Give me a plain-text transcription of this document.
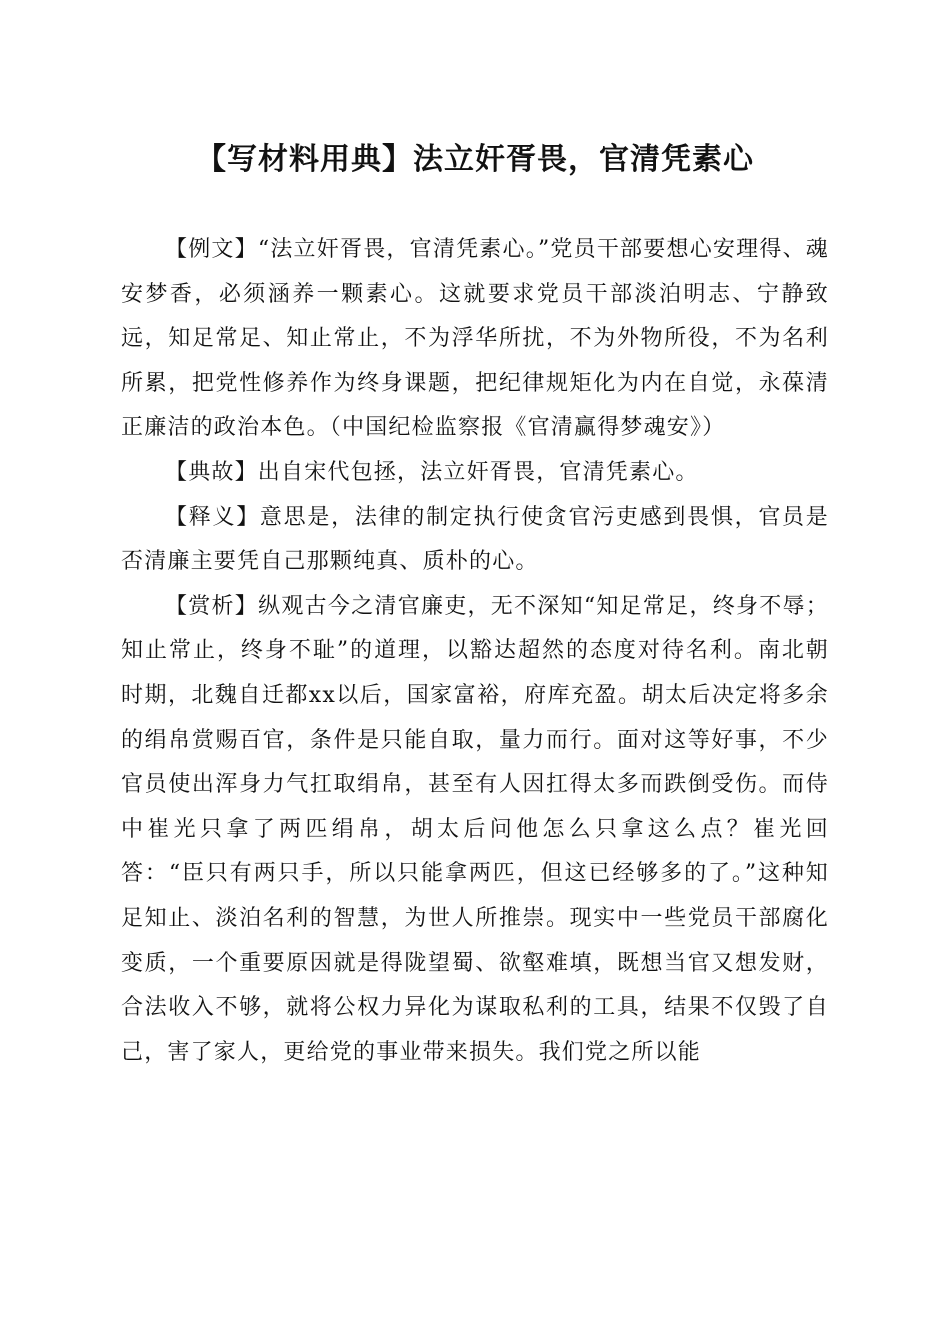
【写材料用典】法立奸胥畏，官清凭素心

【例文】“法立奸胥畏，官清凭素心。”党员干部要想心安理得、魂安梦香，必须涵养一颗素心。这就要求党员干部淡泊明志、宁静致远，知足常足、知止常止，不为浮华所扰，不为外物所役，不为名利所累，把党性修养作为终身课题，把纪律规矩化为内在自觉，永葆清正廉洁的政治本色。（中国纪检监察报《官清赢得梦魂安》）

【典故】出自宋代包拯，法立奸胥畏，官清凭素心。

【释义】意思是，法律的制定执行使贪官污吏感到畏惧，官员是否清廉主要凭自己那颗纯真、质朴的心。

【赏析】纵观古今之清官廉吏，无不深知“知足常足，终身不辱；知止常止，终身不耻”的道理，以豁达超然的态度对待名利。南北朝时期，北魏自迁都xx以后，国家富裕，府库充盈。胡太后决定将多余的绢帛赏赐百官，条件是只能自取，量力而行。面对这等好事，不少官员使出浑身力气扛取绢帛，甚至有人因扛得太多而跌倒受伤。而侍中崔光只拿了两匹绢帛，胡太后问他怎么只拿这么点？崔光回答：“臣只有两只手，所以只能拿两匹，但这已经够多的了。”这种知足知止、淡泊名利的智慧，为世人所推崇。现实中一些党员干部腐化变质，一个重要原因就是得陇望蜀、欲壑难填，既想当官又想发财，合法收入不够，就将公权力异化为谋取私利的工具，结果不仅毁了自己，害了家人，更给党的事业带来损失。我们党之所以能
